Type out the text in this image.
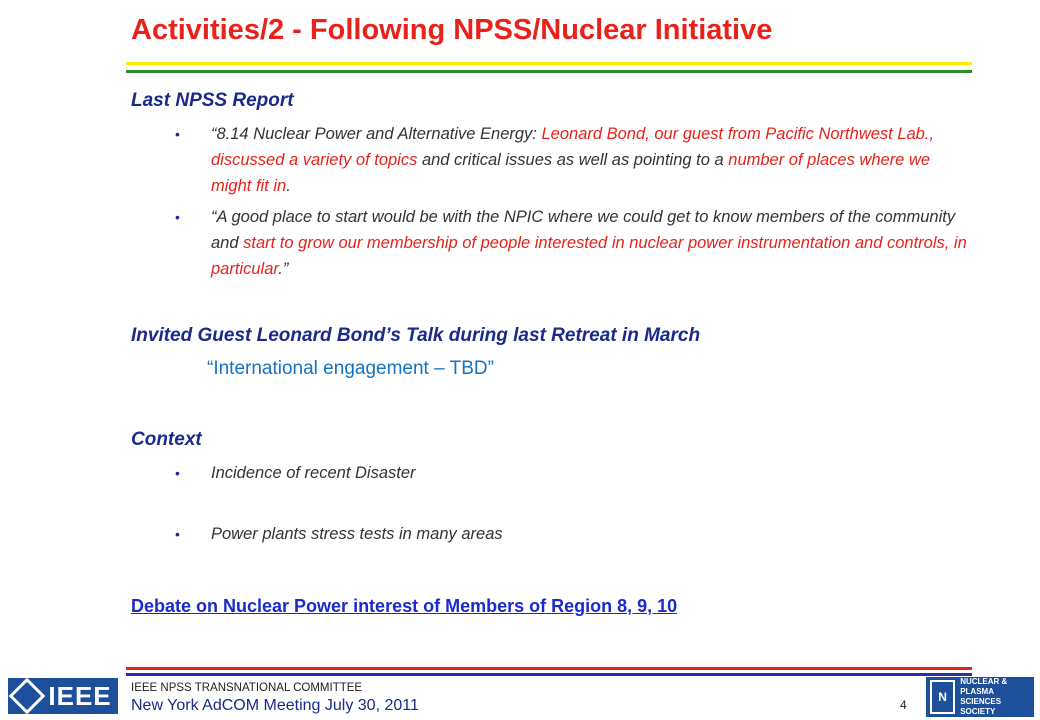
Activities/2 - Following NPSS/Nuclear Initiative
Last NPSS Report
• “8.14 Nuclear Power and Alternative Energy: Leonard Bond, our guest from Pacific Northwest Lab., discussed a variety of topics and critical issues as well as pointing to a number of places where we might fit in.
• “A good place to start would be with the NPIC where we could get to know members of the community and start to grow our membership of people interested in nuclear power instrumentation and controls, in particular.”
Invited Guest Leonard Bond’s Talk during last Retreat in March
“International engagement – TBD”
Context
• Incidence of recent Disaster
• Power plants stress tests in many areas
Debate on Nuclear Power interest of Members of Region 8, 9, 10
IEEE IEEE NPSS TRANSNATIONAL COMMITTEE
New York AdCOM Meeting July 30, 2011	4
N
NUCLEAR &
PLASMA SCIENCES
SOCIETY
